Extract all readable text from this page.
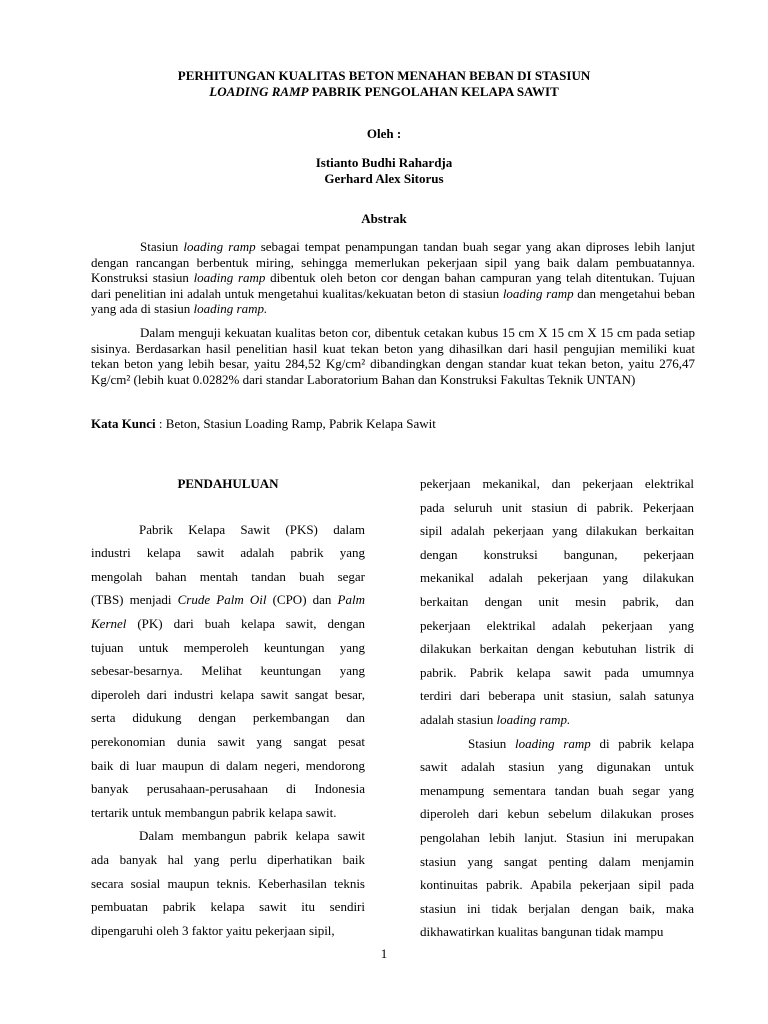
PERHITUNGAN KUALITAS BETON MENAHAN BEBAN DI STASIUN
LOADING RAMP PABRIK PENGOLAHAN KELAPA SAWIT
Oleh :
Istianto Budhi Rahardja
Gerhard Alex Sitorus
Abstrak

Stasiun loading ramp sebagai tempat penampungan tandan buah segar yang akan diproses lebih lanjut dengan rancangan berbentuk miring, sehingga memerlukan pekerjaan sipil yang baik dalam pembuatannya. Konstruksi stasiun loading ramp dibentuk oleh beton cor dengan bahan campuran yang telah ditentukan. Tujuan dari penelitian ini adalah untuk mengetahui kualitas/kekuatan beton di stasiun loading ramp dan mengetahui beban yang ada di stasiun loading ramp.

Dalam menguji kekuatan kualitas beton cor, dibentuk cetakan kubus 15 cm X 15 cm X 15 cm pada setiap sisinya. Berdasarkan hasil penelitian hasil kuat tekan beton yang dihasilkan dari hasil pengujian memiliki kuat tekan beton yang lebih besar, yaitu 284,52 Kg/cm² dibandingkan dengan standar kuat tekan beton, yaitu 276,47 Kg/cm² (lebih kuat 0.0282% dari standar Laboratorium Bahan dan Konstruksi Fakultas Teknik UNTAN)

Kata Kunci : Beton, Stasiun Loading Ramp, Pabrik Kelapa Sawit

PENDAHULUAN

Pabrik Kelapa Sawit (PKS) dalam
industri kelapa sawit adalah pabrik yang
mengolah bahan mentah tandan buah segar
(TBS) menjadi Crude Palm Oil (CPO) dan Palm
Kernel (PK) dari buah kelapa sawit, dengan
tujuan untuk memperoleh keuntungan yang
sebesar-besarnya. Melihat keuntungan yang
diperoleh dari industri kelapa sawit sangat besar,
serta didukung dengan perkembangan dan
perekonomian dunia sawit yang sangat pesat
baik di luar maupun di dalam negeri, mendorong
banyak perusahaan-perusahaan di Indonesia
tertarik untuk membangun pabrik kelapa sawit.
Dalam membangun pabrik kelapa sawit
ada banyak hal yang perlu diperhatikan baik
secara sosial maupun teknis. Keberhasilan teknis
pembuatan pabrik kelapa sawit itu sendiri
dipengaruhi oleh 3 faktor yaitu pekerjaan sipil,
pekerjaan mekanikal, dan pekerjaan elektrikal
pada seluruh unit stasiun di pabrik. Pekerjaan
sipil adalah pekerjaan yang dilakukan berkaitan
dengan konstruksi bangunan, pekerjaan
mekanikal adalah pekerjaan yang dilakukan
berkaitan dengan unit mesin pabrik, dan
pekerjaan elektrikal adalah pekerjaan yang
dilakukan berkaitan dengan kebutuhan listrik di
pabrik. Pabrik kelapa sawit pada umumnya
terdiri dari beberapa unit stasiun, salah satunya
adalah stasiun loading ramp.
Stasiun loading ramp di pabrik kelapa
sawit adalah stasiun yang digunakan untuk
menampung sementara tandan buah segar yang
diperoleh dari kebun sebelum dilakukan proses
pengolahan lebih lanjut. Stasiun ini merupakan
stasiun yang sangat penting dalam menjamin
kontinuitas pabrik. Apabila pekerjaan sipil pada
stasiun ini tidak berjalan dengan baik, maka
dikhawatirkan kualitas bangunan tidak mampu
1
